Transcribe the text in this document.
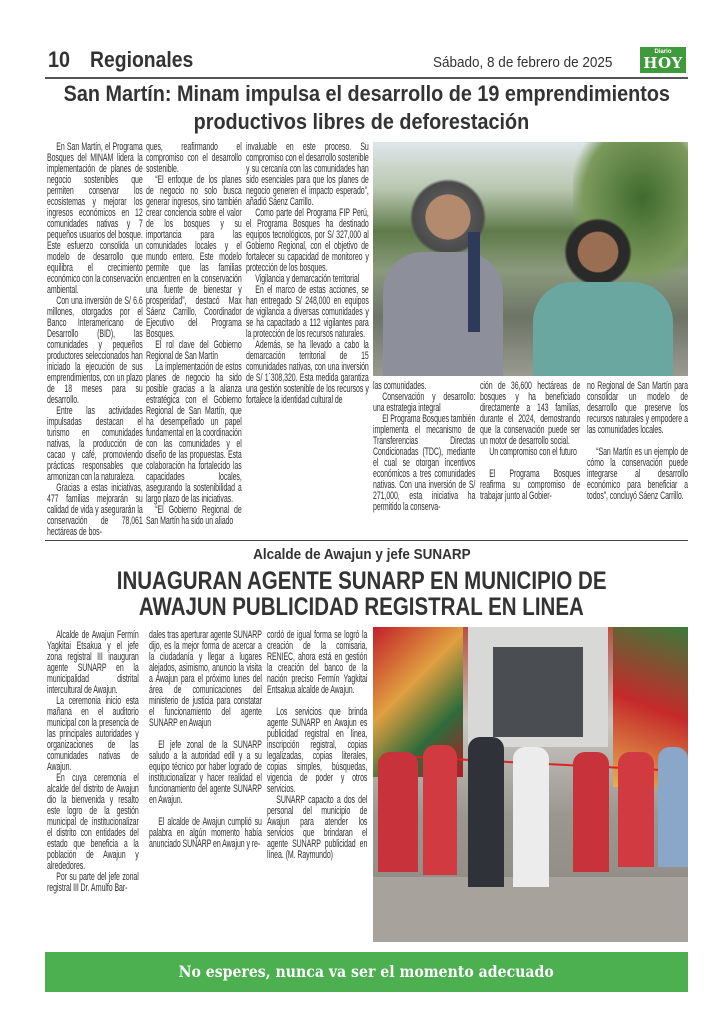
10 Regionales	Sábado, 8 de febrero de 2025
Diario
HOY
San Martín: Minam impulsa el desarrollo de 19 emprendimientos
productivos libres de deforestación

En San Martín, el Programa Bosques del MINAM lidera la implementación de planes de negocio sostenibles que permiten conservar los ecosistemas y mejorar los ingresos económicos en 12 comunidades nativas y 7 pequeños usuarios del bosque. Este esfuerzo consolida un modelo de desarrollo que equilibra el crecimiento económico con la conservación ambiental.

Con una inversión de S/ 6.6 millones, otorgados por el Banco Interamericano de Desarrollo (BID), las comunidades y pequeños productores seleccionados han iniciado la ejecución de sus emprendimientos, con un plazo de 18 meses para su desarrollo.

Entre las actividades impulsadas destacan el turismo en comunidades nativas, la producción de cacao y café, promoviendo prácticas responsables que armonizan con la naturaleza.

Gracias a estas iniciativas, 477 familias mejorarán su calidad de vida y asegurarán la conservación de 78,061 hectáreas de bos-

ques, reafirmando el compromiso con el desarrollo sostenible.

“El enfoque de los planes de negocio no solo busca generar ingresos, sino también crear conciencia sobre el valor de los bosques y su importancia para las comunidades locales y el mundo entero. Este modelo permite que las familias encuentren en la conservación una fuente de bienestar y prosperidad”, destacó Max Sáenz Carrillo, Coordinador Ejecutivo del Programa Bosques.

El rol clave del Gobierno Regional de San Martín

La implementación de estos planes de negocio ha sido posible gracias a la alianza estratégica con el Gobierno Regional de San Martín, que ha desempeñado un papel fundamental en la coordinación con las comunidades y el diseño de las propuestas. Esta colaboración ha fortalecido las capacidades locales, asegurando la sostenibilidad a largo plazo de las iniciativas.

“El Gobierno Regional de San Martín ha sido un aliado

invaluable en este proceso. Su compromiso con el desarrollo sostenible y su cercanía con las comunidades han sido esenciales para que los planes de negocio generen el impacto esperado”, añadió Sáenz Carrillo.

Como parte del Programa FIP Perú, el Programa Bosques ha destinado equipos tecnológicos, por S/ 327,000 al Gobierno Regional, con el objetivo de fortalecer su capacidad de monitoreo y protección de los bosques.

Vigilancia y demarcación territorial

En el marco de estas acciones, se han entregado S/ 248,000 en equipos de vigilancia a diversas comunidades y se ha capacitado a 112 vigilantes para la protección de los recursos naturales.

Además, se ha llevado a cabo la demarcación territorial de 15 comunidades nativas, con una inversión de S/ 1´308,320. Esta medida garantiza una gestión sostenible de los recursos y fortalece la identidad cultural de

las comunidades.

Conservación y desarrollo: una estrategia integral

El Programa Bosques también implementa el mecanismo de Transferencias Directas Condicionadas (TDC), mediante el cual se otorgan incentivos económicos a tres comunidades nativas. Con una inversión de S/ 271,000, esta iniciativa ha permitido la conserva-

ción de 36,600 hectáreas de bosques y ha beneficiado directamente a 143 familias, durante el 2024, demostrando que la conservación puede ser un motor de desarrollo social.

Un compromiso con el futuro

El Programa Bosques reafirma su compromiso de trabajar junto al Gobier-

no Regional de San Martín para consolidar un modelo de desarrollo que preserve los recursos naturales y empodere a las comunidades locales.

“San Martín es un ejemplo de cómo la conservación puede integrarse al desarrollo económico para beneficiar a todos”, concluyó Sáenz Carrillo.

Alcalde de Awajun y jefe SUNARP
INUAGURAN AGENTE SUNARP EN MUNICIPIO DE
AWAJUN PUBLICIDAD REGISTRAL EN LINEA

Alcalde de Awajun Fermín Yagkitai Etsakua y el jefe zona registral III inauguran agente SUNARP en la municipalidad distrital intercultural de Awajun.

La ceremonia inicio esta mañana en el auditorio municipal con la presencia de las principales autoridades y organizaciones de las comunidades nativas de Awajun.

En cuya ceremonia el alcalde del distrito de Awajun dio la bienvenida y resalto este logro de la gestión municipal de institucionalizar el distrito con entidades del estado que beneficia a la población de Awajun y alrededores.

Por su parte del jefe zonal registral III Dr. Arnulfo Bar-

dales tras aperturar agente SUNARP dijo, es la mejor forma de acercar a la ciudadanía y llegar a lugares alejados, asimismo, anuncio la visita a Awajun para el próximo lunes del área de comunicaciones del ministerio de justicia para constatar el funcionamiento del agente SUNARP en Awajun

El jefe zonal de la SUNARP saludo a la autoridad edil y a su equipo técnico por haber logrado de institucionalizar y hacer realidad el funcionamiento del agente SUNARP en Awajun.

El alcalde de Awajun cumplió su palabra en algún momento había anunciado SUNARP en Awajun y re-

cordó de igual forma se logró la creación de la comisaria, RENIEC, ahora está en gestión la creación del banco de la nación preciso Fermín Yagkitai Entsakua alcalde de Awajun.

Los servicios que brinda agente SUNARP en Awajun es publicidad registral en línea, inscripción registral, copias legalizadas, copias literales, copias simples, búsquedas, vigencia de poder y otros servicios.

SUNARP capacito a dos del personal del municipio de Awajun para atender los servicios que brindaran el agente SUNARP publicidad en línea. (M. Raymundo)

No esperes, nunca va ser el momento adecuado
